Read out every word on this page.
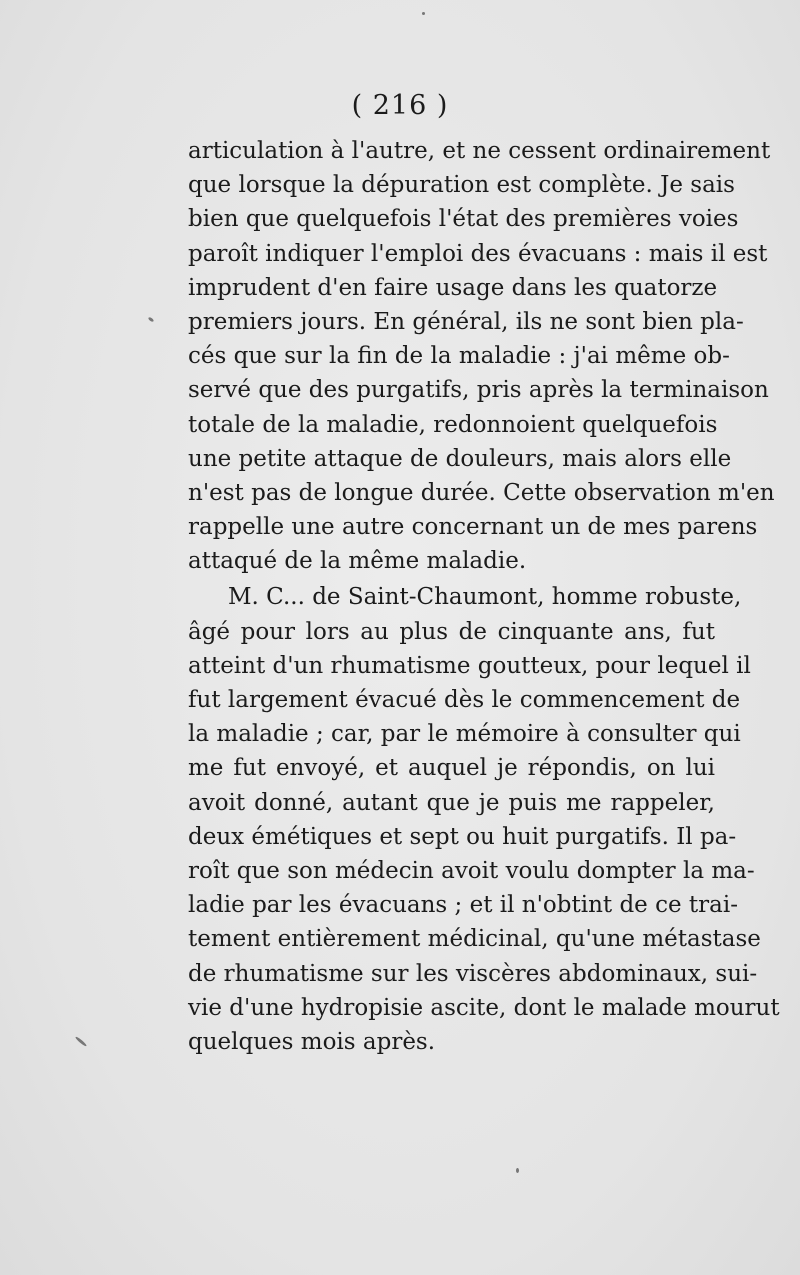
( 216 )
articulation à l'autre, et ne cessent ordinairement
que lorsque la dépuration est complète. Je sais
bien que quelquefois l'état des premières voies
paroît indiquer l'emploi des évacuans : mais il est
imprudent d'en faire usage dans les quatorze
premiers jours. En général, ils ne sont bien pla-
cés que sur la fin de la maladie : j'ai même ob-
servé que des purgatifs, pris après la terminaison
totale de la maladie, redonnoient quelquefois
une petite attaque de douleurs, mais alors elle
n'est pas de longue durée. Cette observation m'en
rappelle une autre concernant un de mes parens
attaqué de la même maladie.
M. C... de Saint-Chaumont, homme robuste,
âgé pour lors au plus de cinquante ans, fut
atteint d'un rhumatisme goutteux, pour lequel il
fut largement évacué dès le commencement de
la maladie ; car, par le mémoire à consulter qui
me fut envoyé, et auquel je répondis, on lui
avoit donné, autant que je puis me rappeler,
deux émétiques et sept ou huit purgatifs. Il pa-
roît que son médecin avoit voulu dompter la ma-
ladie par les évacuans ; et il n'obtint de ce trai-
tement entièrement médicinal, qu'une métastase
de rhumatisme sur les viscères abdominaux, sui-
vie d'une hydropisie ascite, dont le malade mourut
quelques mois après.
